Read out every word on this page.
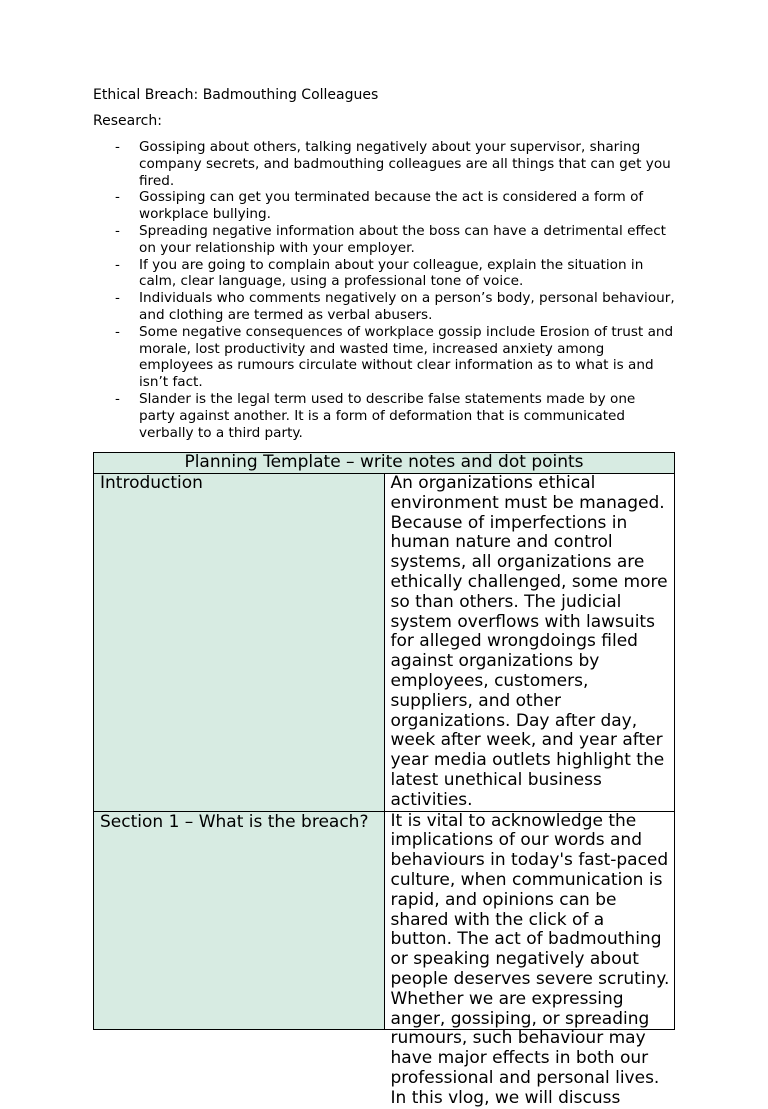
Ethical Breach: Badmouthing Colleagues

Research:

-	Gossiping about others, talking negatively about your supervisor, sharing company secrets, and badmouthing colleagues are all things that can get you fired.
-	Gossiping can get you terminated because the act is considered a form of workplace bullying.
-	Spreading negative information about the boss can have a detrimental effect on your relationship with your employer.
-	If you are going to complain about your colleague, explain the situation in calm, clear language, using a professional tone of voice.
-	Individuals who comments negatively on a person’s body, personal behaviour, and clothing are termed as verbal abusers.
-	Some negative consequences of workplace gossip include Erosion of trust and morale, lost productivity and wasted time, increased anxiety among employees as rumours circulate without clear information as to what is and isn’t fact.
-	Slander is the legal term used to describe false statements made by one party against another. It is a form of deformation that is communicated verbally to a third party.
Planning Template – write notes and dot points	
Introduction	An organizations ethical environment must be managed. Because of imperfections in human nature and control systems, all organizations are ethically challenged, some more so than others. The judicial system overflows with lawsuits for alleged wrongdoings filed against organizations by employees, customers, suppliers, and other organizations. Day after day, week after week, and year after year media outlets highlight the latest unethical business activities.

Section 1 – What is the breach?	It is vital to acknowledge the implications of our words and behaviours in today's fast-paced culture, when communication is rapid, and opinions can be shared with the click of a button. The act of badmouthing or speaking negatively about people deserves severe scrutiny. Whether we are expressing anger, gossiping, or spreading rumours, such behaviour may have major effects in both our professional and personal lives. In this vlog, we will discuss
